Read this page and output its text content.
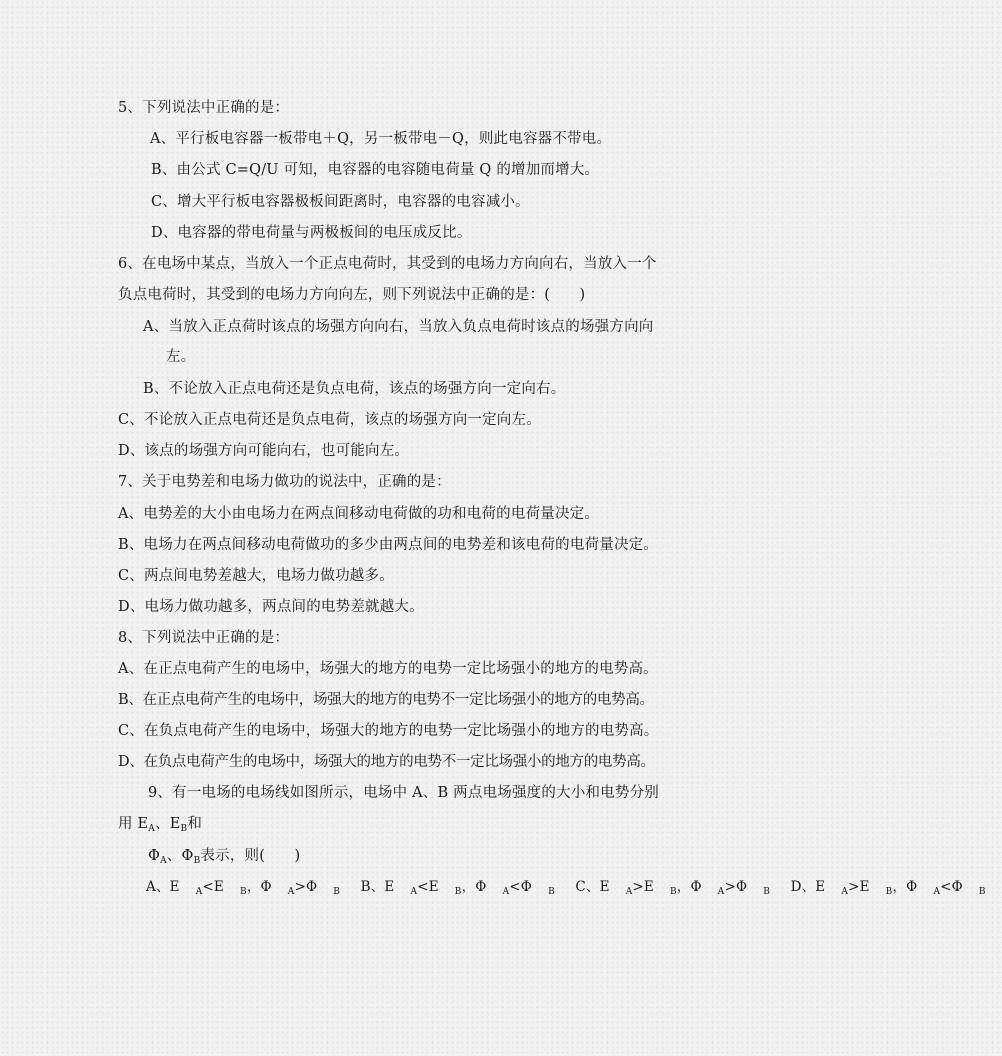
5、下列说法中正确的是：
A、平行板电容器一板带电＋Q，另一板带电－Q，则此电容器不带电。
B、由公式 C=Q/U 可知，电容器的电容随电荷量 Q 的增加而增大。
C、增大平行板电容器极板间距离时，电容器的电容减小。
D、电容器的带电荷量与两极板间的电压成反比。
6、在电场中某点，当放入一个正点电荷时，其受到的电场力方向向右，当放入一个
负点电荷时，其受到的电场力方向向左，则下列说法中正确的是：(　　)
A、当放入正点荷时该点的场强方向向右，当放入负点电荷时该点的场强方向向
左。
B、不论放入正点电荷还是负点电荷，该点的场强方向一定向右。
C、不论放入正点电荷还是负点电荷，该点的场强方向一定向左。
D、该点的场强方向可能向右，也可能向左。
7、关于电势差和电场力做功的说法中，正确的是：
A、电势差的大小由电场力在两点间移动电荷做的功和电荷的电荷量决定。
B、电场力在两点间移动电荷做功的多少由两点间的电势差和该电荷的电荷量决定。
C、两点间电势差越大，电场力做功越多。
D、电场力做功越多，两点间的电势差就越大。
8、下列说法中正确的是：
A、在正点电荷产生的电场中，场强大的地方的电势一定比场强小的地方的电势高。
B、在正点电荷产生的电场中，场强大的地方的电势不一定比场强小的地方的电势高。
C、在负点电荷产生的电场中，场强大的地方的电势一定比场强小的地方的电势高。
D、在负点电荷产生的电场中，场强大的地方的电势不一定比场强小的地方的电势高。
9、有一电场的电场线如图所示，电场中 A、B 两点电场强度的大小和电势分别
用 $E_A$、$E_B$和
$\Phi_A$、$\Phi_B$表示，则(　　)
A、E $_A$<E $_B$，Φ $_A$>Φ $_B$ B、E $_A$<E $_B$，Φ $_A$<Φ $_B$ C、E $_A$>E $_B$，Φ $_A$>Φ $_B$ D、E $_A$>E $_B$，Φ $_A$<Φ $_B$
